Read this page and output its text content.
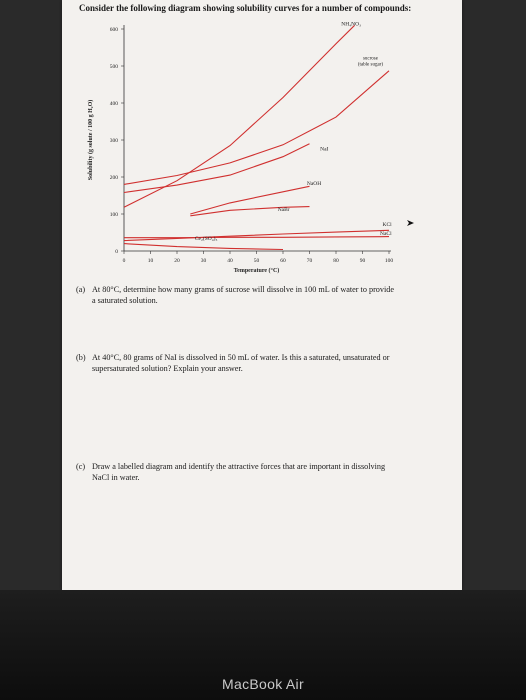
Consider the following diagram showing solubility curves for a number of compounds:
0
100
200
300
400
500
600
0	10	20	30	40	50	60	70	80	90	100
Temperature (°C)
Solubility (g solute / 100 g H₂O)
NH₄NO₃
sucrose
(table sugar)
NaI
NaOH
NaBr
KCl
NaCl
Ce₂(SO₄)₃
(a) At 80°C, determine how many grams of sucrose will dissolve in 100 mL of water to provide
a saturated solution.
(b) At 40°C, 80 grams of NaI is dissolved in 50 mL of water. Is this a saturated, unsaturated or
supersaturated solution? Explain your answer.
(c) Draw a labelled diagram and identify the attractive forces that are important in dissolving
NaCl in water.
MacBook Air
